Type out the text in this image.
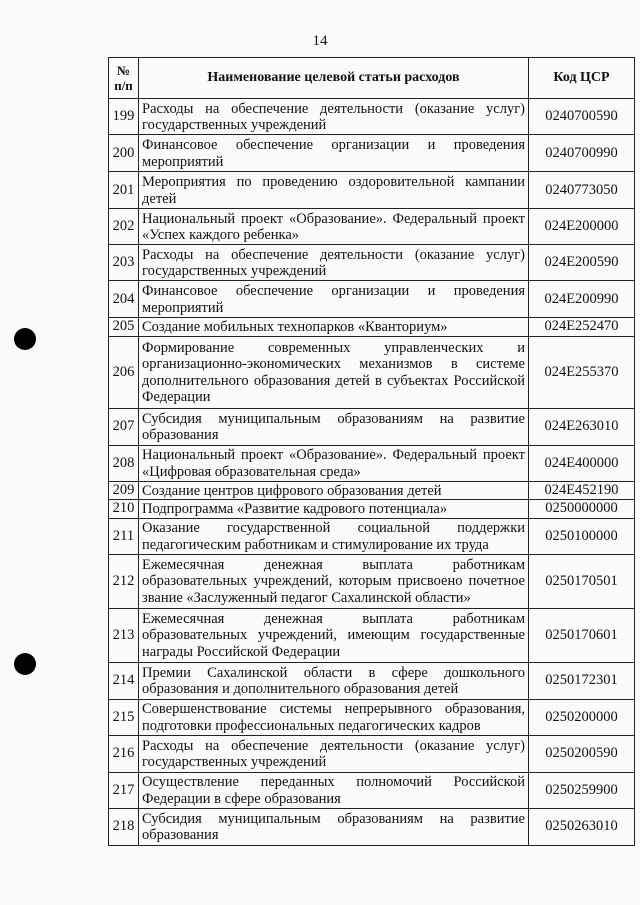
14
№
п/п	Наименование целевой статьи расходов	Код ЦСР
199	Расходы на обеспечение деятельности (оказание услуг) государственных учреждений	0240700590
200	Финансовое обеспечение организации и проведения мероприятий	0240700990
201	Мероприятия по проведению оздоровительной кампании детей	0240773050
202	Национальный проект «Образование». Федеральный проект «Успех каждого ребенка»	024E200000
203	Расходы на обеспечение деятельности (оказание услуг) государственных учреждений	024E200590
204	Финансовое обеспечение организации и проведения мероприятий	024E200990
205	Создание мобильных технопарков «Кванториум»	024E252470
206	Формирование современных управленческих и организационно-экономических механизмов в системе дополнительного образования детей в субъектах Российской Федерации	024E255370
207	Субсидия муниципальным образованиям на развитие образования	024E263010
208	Национальный проект «Образование». Федеральный проект «Цифровая образовательная среда»	024E400000
209	Создание центров цифрового образования детей	024E452190
210	Подпрограмма «Развитие кадрового потенциала»	0250000000
211	Оказание государственной социальной поддержки педагогическим работникам и стимулирование их труда	0250100000
212	Ежемесячная денежная выплата работникам образовательных учреждений, которым присвоено почетное звание «Заслуженный педагог Сахалинской области»	0250170501
213	Ежемесячная денежная выплата работникам образовательных учреждений, имеющим государственные награды Российской Федерации	0250170601
214	Премии Сахалинской области в сфере дошкольного образования и дополнительного образования детей	0250172301
215	Совершенствование системы непрерывного образования, подготовки профессиональных педагогических кадров	0250200000
216	Расходы на обеспечение деятельности (оказание услуг) государственных учреждений	0250200590
217	Осуществление переданных полномочий Российской Федерации в сфере образования	0250259900
218	Субсидия муниципальным образованиям на развитие образования	0250263010
